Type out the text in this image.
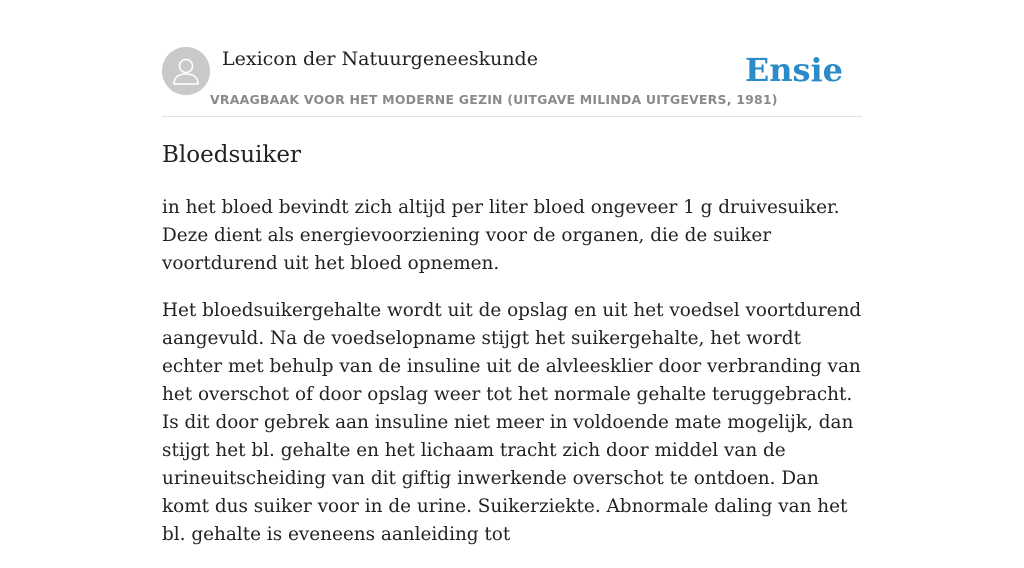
Lexicon der Natuurgeneeskunde
VRAAGBAAK VOOR HET MODERNE GEZIN (UITGAVE MILINDA UITGEVERS, 1981)
Ensie
Bloedsuiker

in het bloed bevindt zich altijd per liter bloed ongeveer 1 g druivesuiker. Deze dient als energievoorziening voor de organen, die de suiker voortdurend uit het bloed opnemen.

Het bloedsuikergehalte wordt uit de opslag en uit het voedsel voortdurend aangevuld. Na de voedselopname stijgt het suikergehalte, het wordt echter met behulp van de insuline uit de alvleesklier door verbranding van het overschot of door opslag weer tot het normale gehalte teruggebracht. Is dit door gebrek aan insuline niet meer in voldoende mate mogelijk, dan stijgt het bl. gehalte en het lichaam tracht zich door middel van de urineuitscheiding van dit giftig inwerkende overschot te ontdoen. Dan komt dus suiker voor in de urine. Suikerziekte. Abnormale daling van het bl. gehalte is eveneens aanleiding tot
